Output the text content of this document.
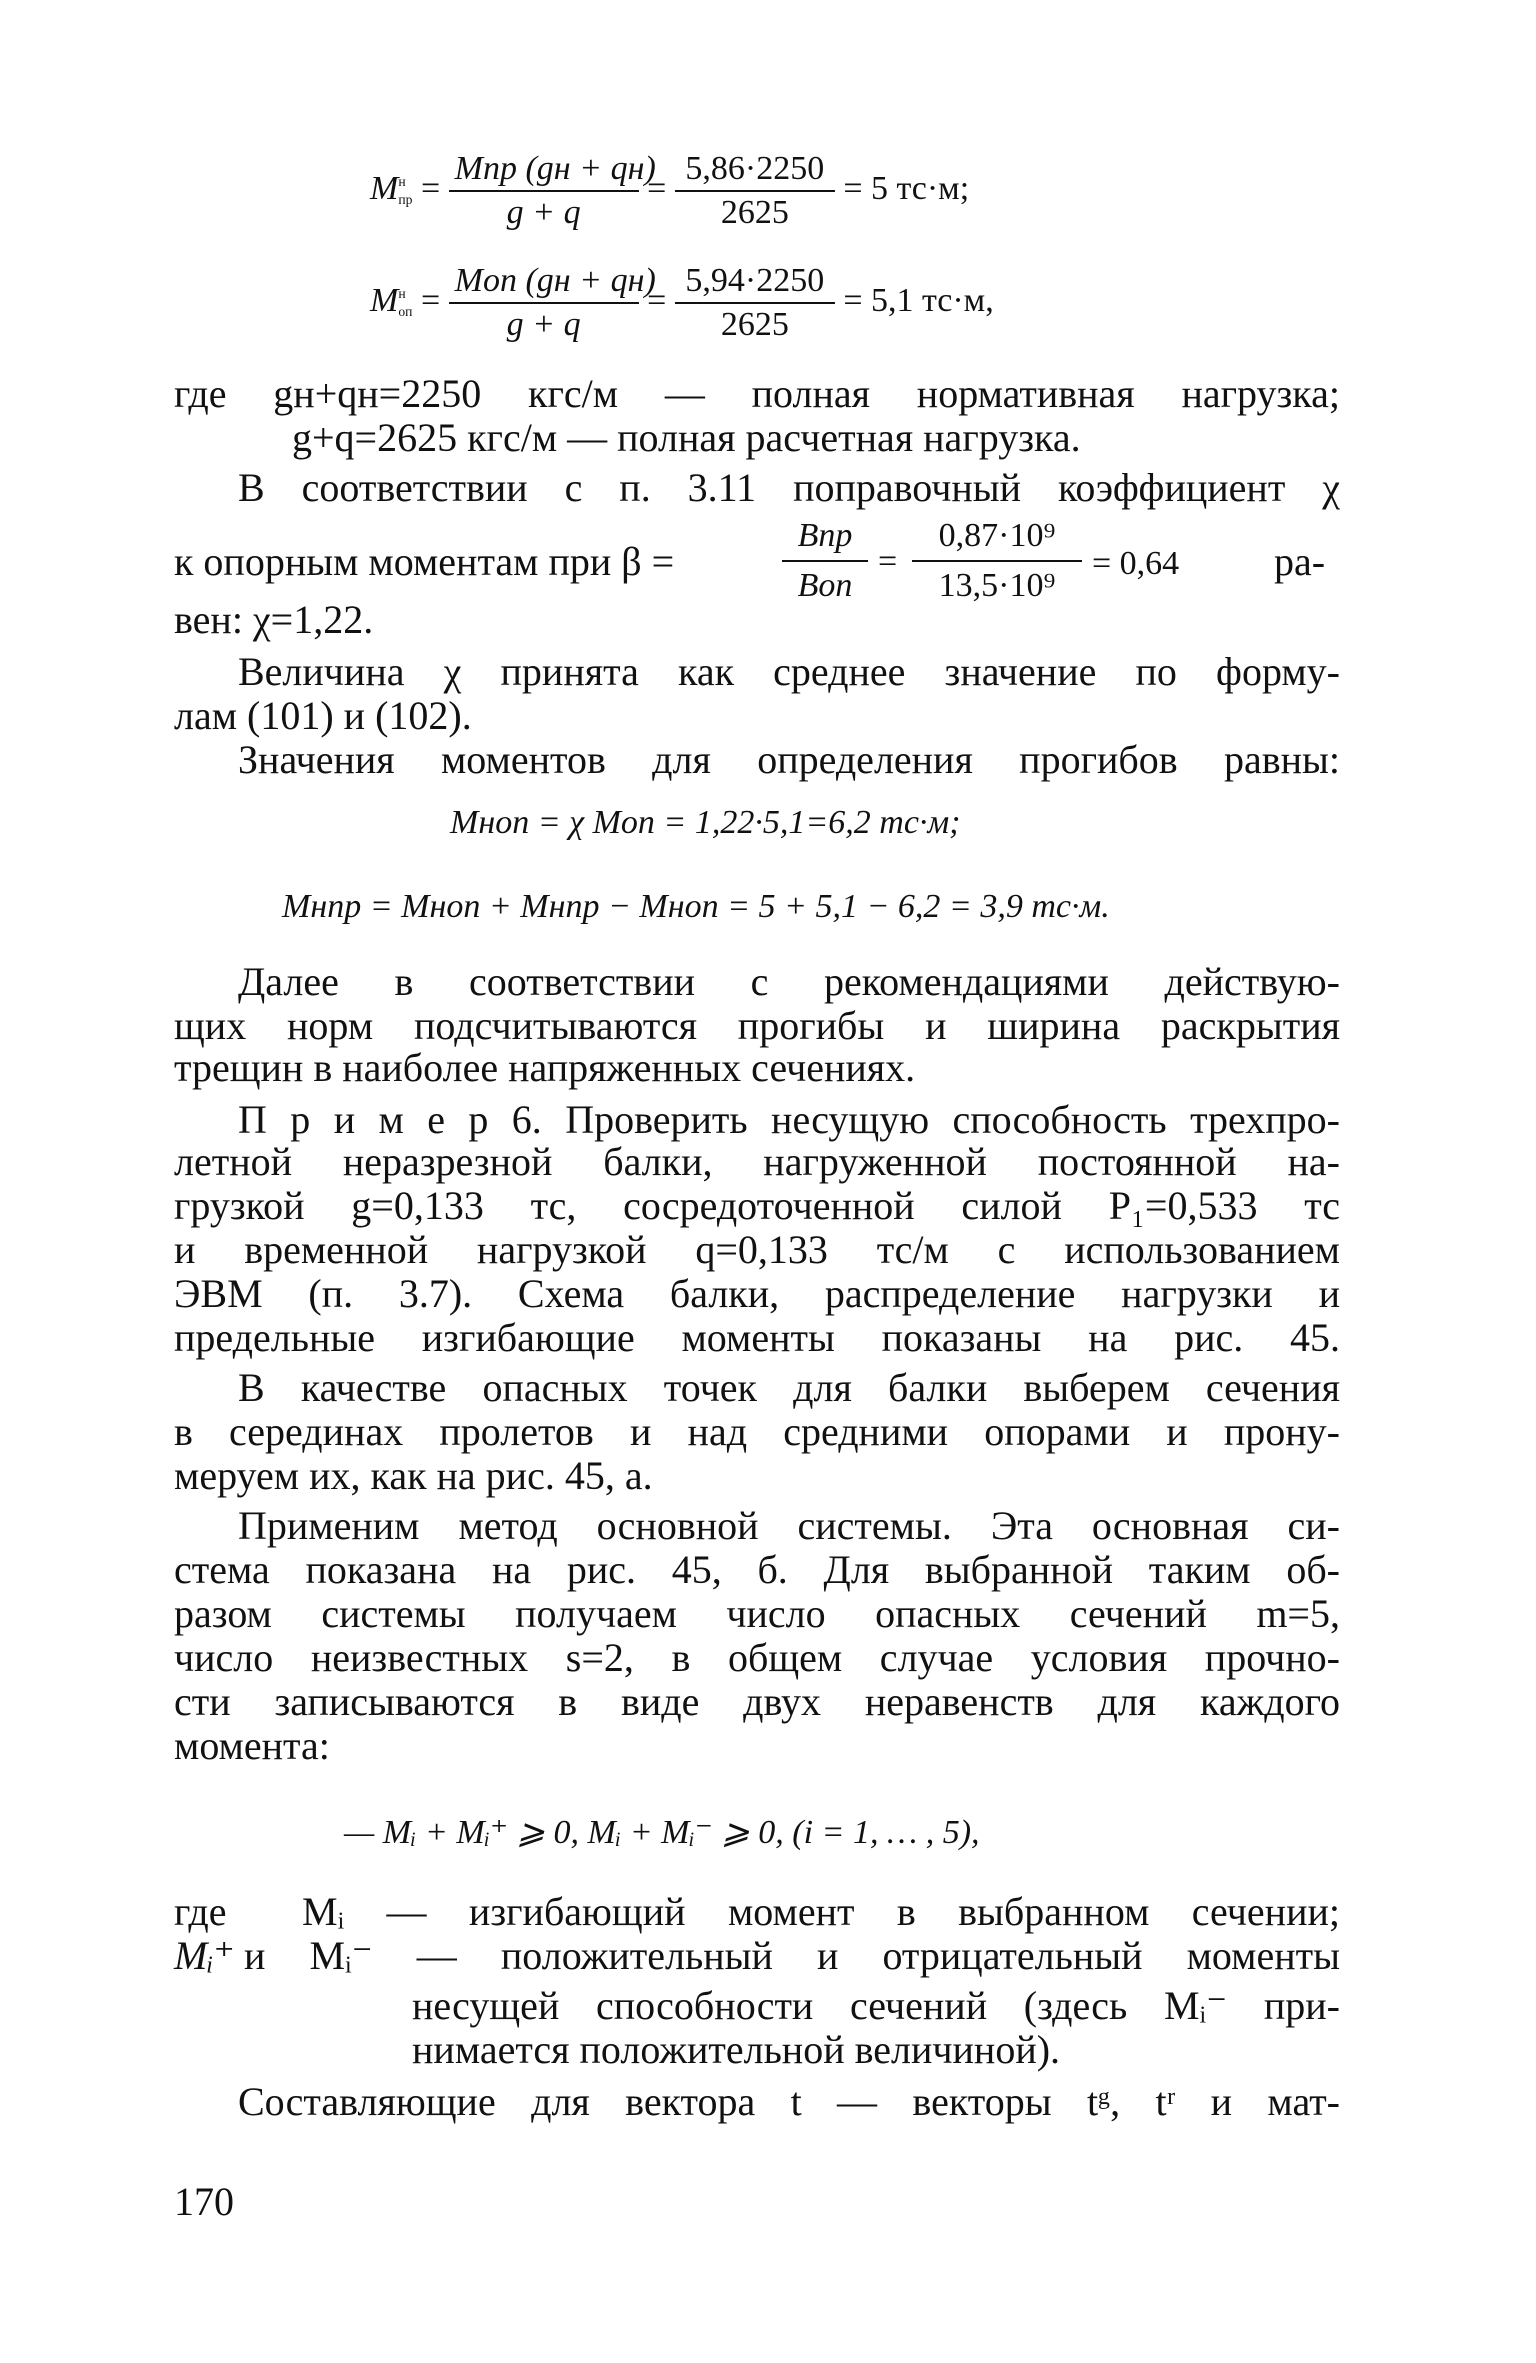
M н
пр = $\frac{\text{Mпр (gн + qн)}}{g + q} = \frac{5,86\cdot 2250}{2625} = 5$ тс·м;
M н
оп = $\frac{\text{Mоп (gн + qн)}}{g + q} = \frac{5,94\cdot 2250}{2625} = 5,1$ тс·м,
где gн+qн=2250 кгс/м — полная нормативная нагрузка;
g+q=2625 кгс/м — полная расчетная нагрузка.
В соответствии с п. 3.11 поправочный коэффициент χ
к опорным моментам при β =
Bпр
Bоп
= $\frac{\text{0,87·10⁹}}{\text{13,5·10⁹}} = 0,64$ ра-
вен: χ=1,22.
Величина χ принята как среднее значение по форму-
лам (101) и (102).
Значения моментов для определения прогибов равны:
Mноп = χ Mоп = 1,22·5,1=6,2 тс·м;
Mнпр = Mноп + Mнпр − Mноп = 5 + 5,1 − 6,2 = 3,9 тс·м.
Далее в соответствии с рекомендациями действую-
щих норм подсчитываются прогибы и ширина раскрытия
трещин в наиболее напряженных сечениях.
П р и м е р 6. Проверить несущую способность трехпро-
летной неразрезной балки, нагруженной постоянной на-
грузкой g=0,133 тс, сосредоточенной силой P₁=0,533 тс
и временной нагрузкой q=0,133 тс/м с использованием
ЭВМ (п. 3.7). Схема балки, распределение нагрузки и
предельные изгибающие моменты показаны на рис. 45.
В качестве опасных точек для балки выберем сечения
в серединах пролетов и над средними опорами и прону-
меруем их, как на рис. 45, а.
Применим метод основной системы. Эта основная си-
стема показана на рис. 45, б. Для выбранной таким об-
разом системы получаем число опасных сечений m=5,
число неизвестных s=2, в общем случае условия прочно-
сти записываются в виде двух неравенств для каждого
момента:
— Mᵢ + Mᵢ⁺ ⩾ 0, Mᵢ + Mᵢ⁻ ⩾ 0, (i = 1, … , 5),
где Mᵢ — изгибающий момент в выбранном сечении;
Mᵢ⁺ и Mᵢ⁻ — положительный и отрицательный моменты
несущей способности сечений (здесь Mᵢ⁻ при-
нимается положительной величиной).
Составляющие для вектора t — векторы tᵍ, tʳ и мат-
170
